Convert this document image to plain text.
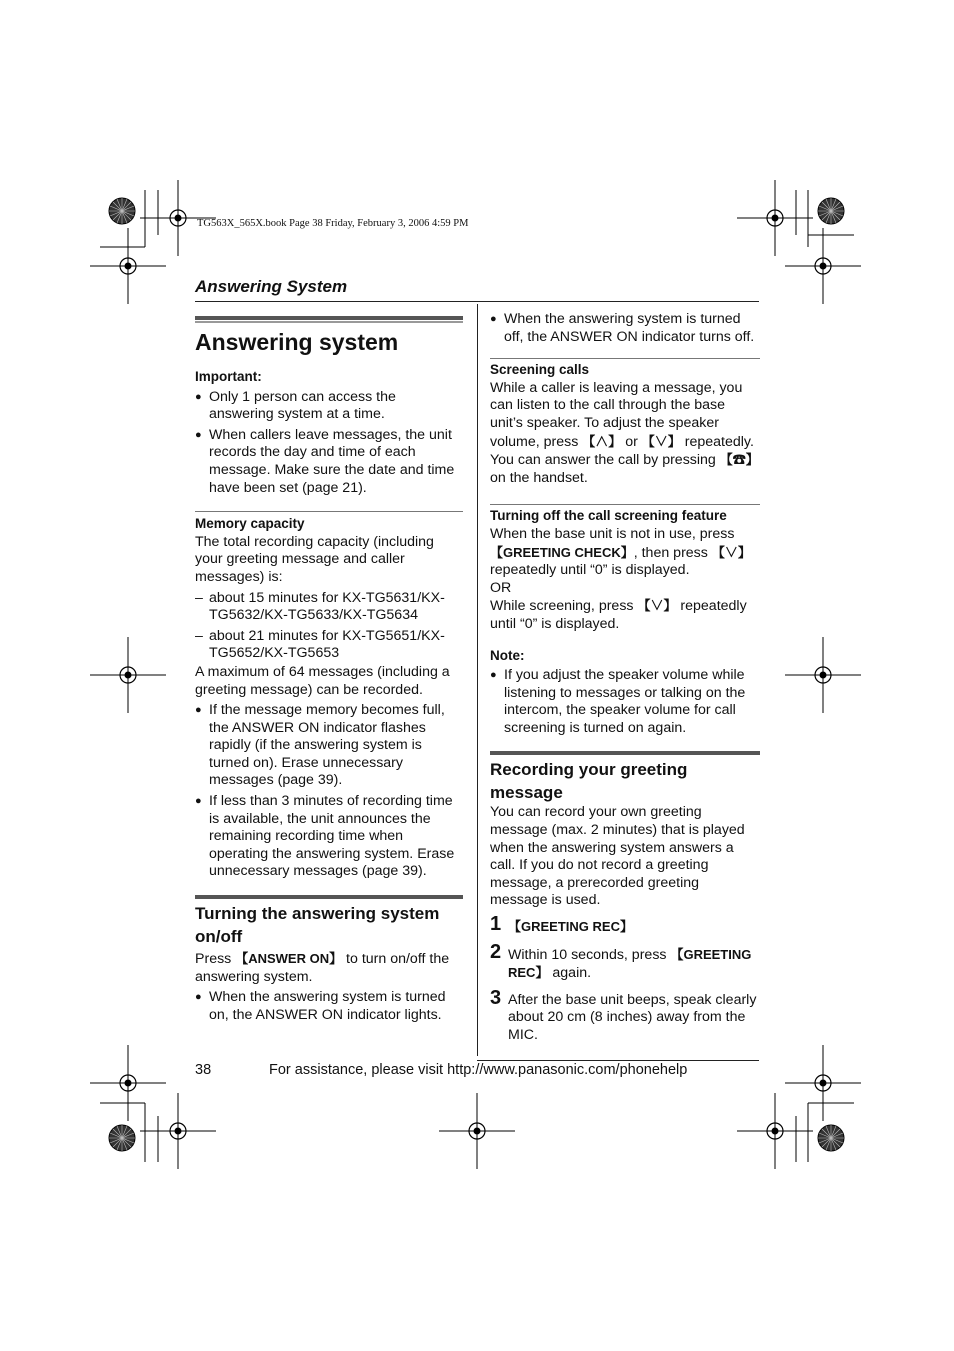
TG563X_565X.book Page 38 Friday, February 3, 2006 4:59 PM
Answering System
Answering system

Important:

● Only 1 person can access the answering system at a time.
● When callers leave messages, the unit records the day and time of each message. Make sure the date and time have been set (page 21).

Memory capacity

The total recording capacity (including your greeting message and caller messages) is:

– about 15 minutes for KX-TG5631/KX-TG5632/KX-TG5633/KX-TG5634
– about 21 minutes for KX-TG5651/KX-TG5652/KX-TG5653

A maximum of 64 messages (including a greeting message) can be recorded.

● If the message memory becomes full, the ANSWER ON indicator flashes rapidly (if the answering system is turned on). Erase unnecessary messages (page 39).
● If less than 3 minutes of recording time is available, the unit announces the remaining recording time when operating the answering system. Erase unnecessary messages (page 39).
Turning the answering system on/off

Press 【ANSWER ON】 to turn on/off the answering system.

● When the answering system is turned on, the ANSWER ON indicator lights.
● When the answering system is turned off, the ANSWER ON indicator turns off.

Screening calls

While a caller is leaving a message, you can listen to the call through the base unit’s speaker. To adjust the speaker volume, press 【∧】 or 【∨】 repeatedly.

You can answer the call by pressing 【☎】 on the handset.

Turning off the call screening feature

When the base unit is not in use, press 【GREETING CHECK】, then press 【∨】 repeatedly until “0” is displayed.

OR

While screening, press 【∨】 repeatedly until “0” is displayed.

Note:

● If you adjust the speaker volume while listening to messages or talking on the intercom, the speaker volume for call screening is turned on again.
Recording your greeting message

You can record your own greeting message (max. 2 minutes) that is played when the answering system answers a call. If you do not record a greeting message, a prerecorded greeting message is used.

1 【GREETING REC】
2 Within 10 seconds, press 【GREETING REC】 again.
3 After the base unit beeps, speak clearly about 20 cm (8 inches) away from the MIC.
38	For assistance, please visit http://www.panasonic.com/phonehelp
